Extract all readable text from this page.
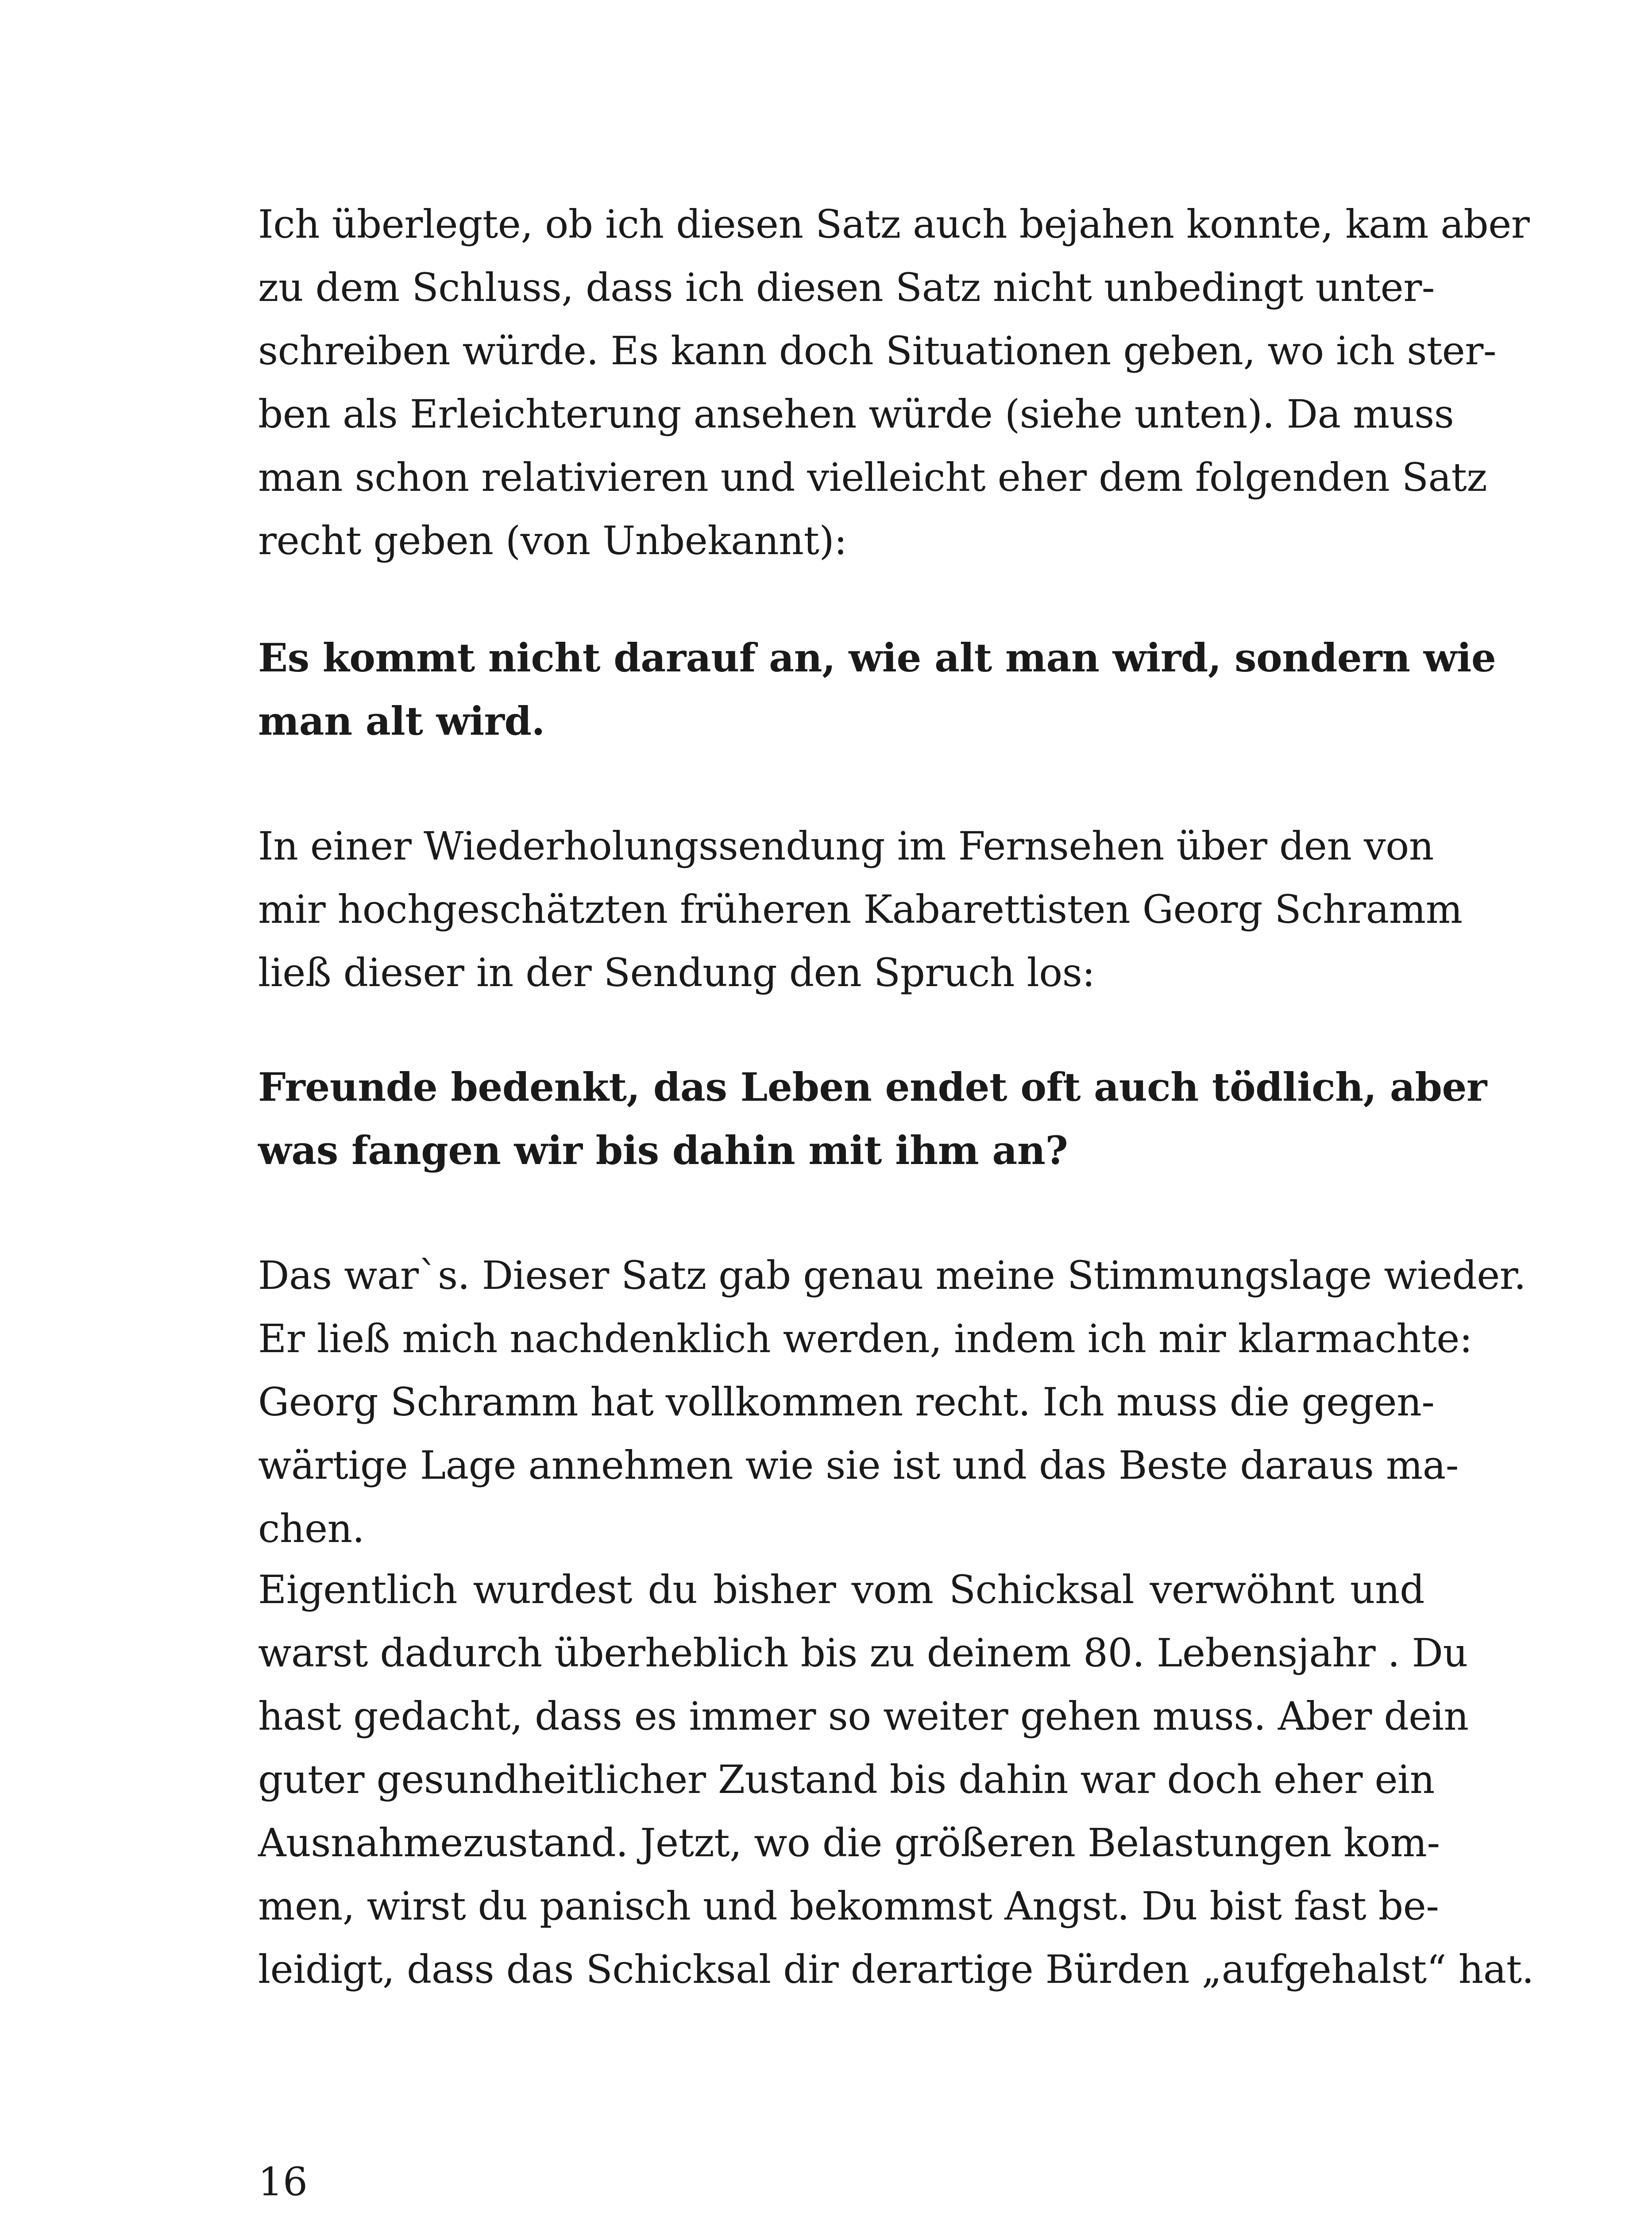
Ich überlegte, ob ich diesen Satz auch bejahen konnte, kam aber
zu dem Schluss, dass ich diesen Satz nicht unbedingt unter-
schreiben würde. Es kann doch Situationen geben, wo ich ster-
ben als Erleichterung ansehen würde (siehe unten). Da muss
man schon relativieren und vielleicht eher dem folgenden Satz
recht geben (von Unbekannt):
Es kommt nicht darauf an, wie alt man wird, sondern wie
man alt wird.
In einer Wiederholungssendung im Fernsehen über den von
mir hochgeschätzten früheren Kabarettisten Georg Schramm
ließ dieser in der Sendung den Spruch los:
Freunde bedenkt, das Leben endet oft auch tödlich, aber
was fangen wir bis dahin mit ihm an?
Das war`s. Dieser Satz gab genau meine Stimmungslage wieder.
Er ließ mich nachdenklich werden, indem ich mir klarmachte:
Georg Schramm hat vollkommen recht. Ich muss die gegen-
wärtige Lage annehmen wie sie ist und das Beste daraus ma-
chen.
Eigentlich wurdest du bisher vom Schicksal verwöhnt und
warst dadurch überheblich bis zu deinem 80. Lebensjahr . Du
hast gedacht, dass es immer so weiter gehen muss. Aber dein
guter gesundheitlicher Zustand bis dahin war doch eher ein
Ausnahmezustand. Jetzt, wo die größeren Belastungen kom-
men, wirst du panisch und bekommst Angst. Du bist fast be-
leidigt, dass das Schicksal dir derartige Bürden „aufgehalst“ hat.
16
